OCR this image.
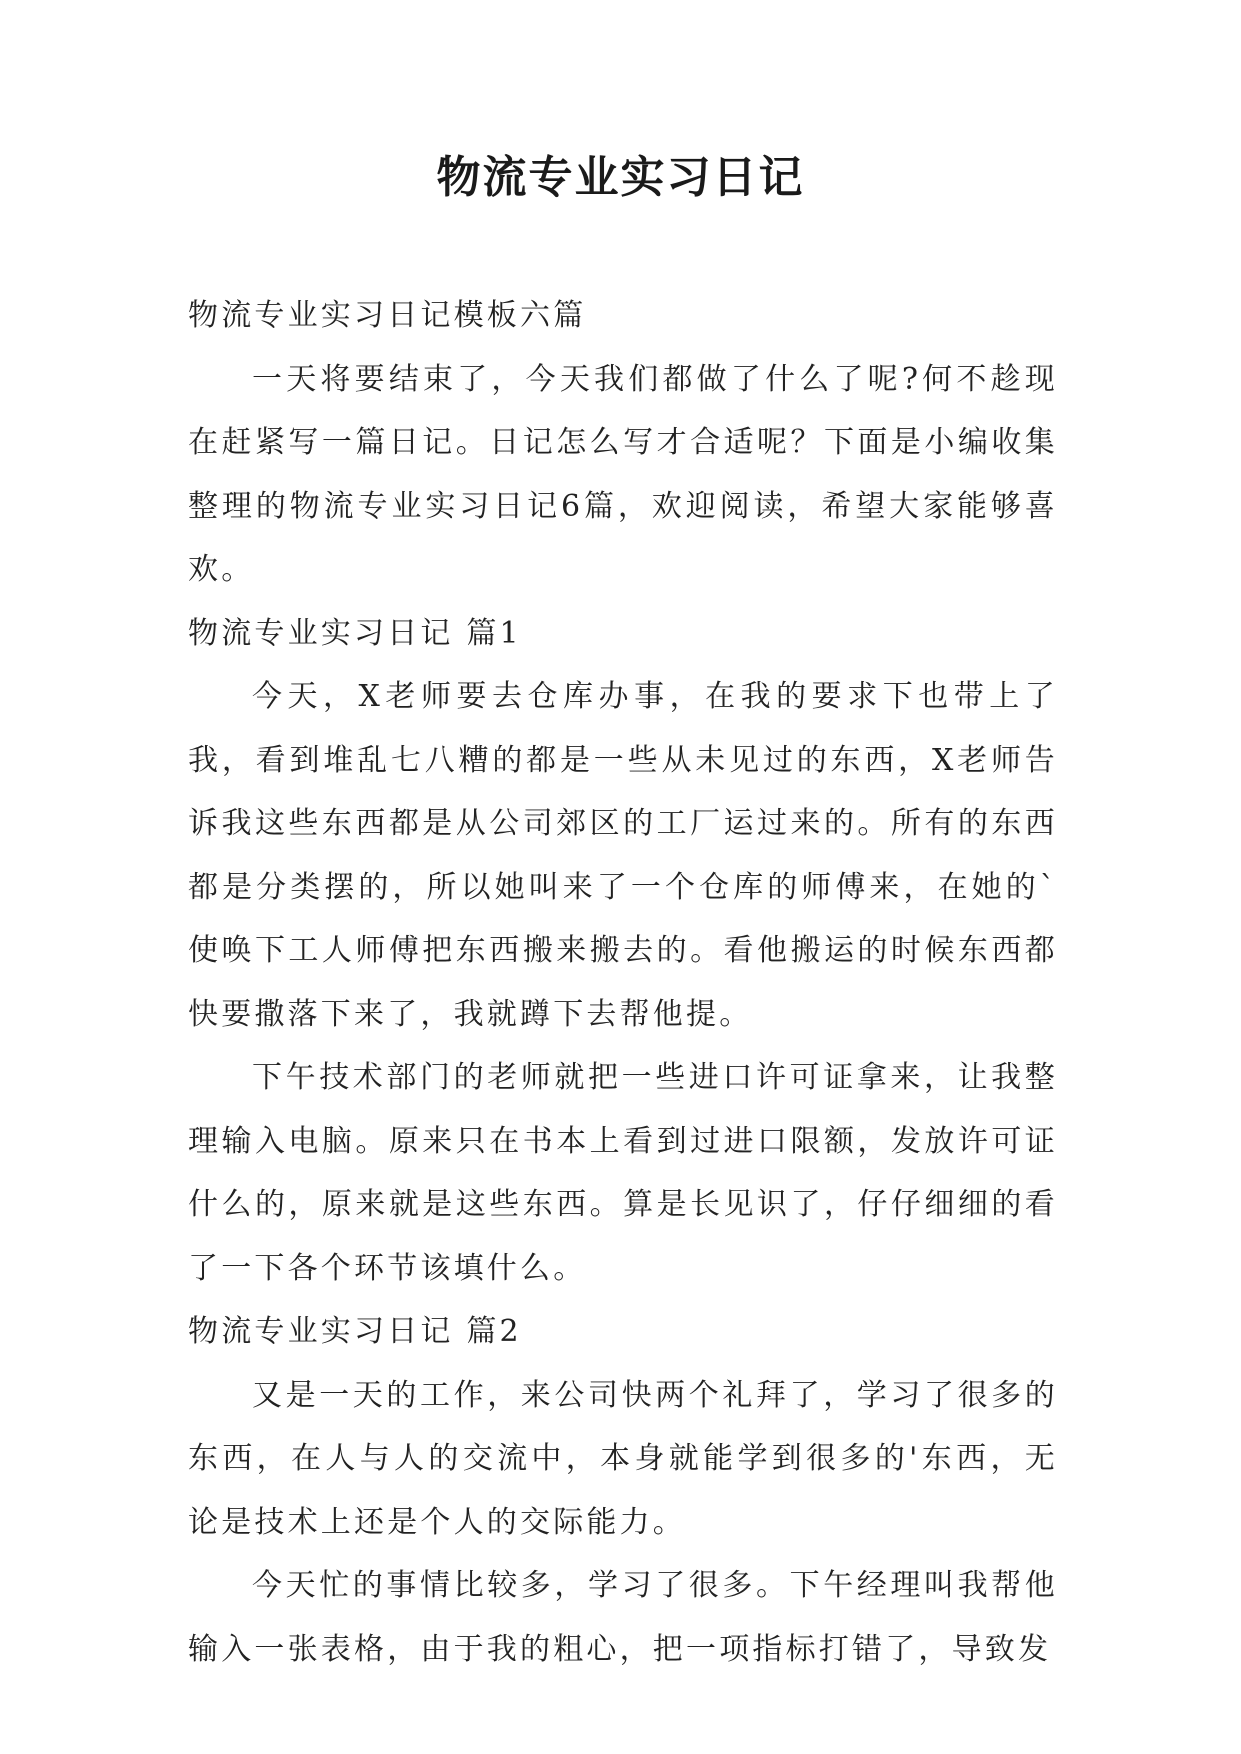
物流专业实习日记

物流专业实习日记模板六篇

一天将要结束了，今天我们都做了什么了呢?何不趁现在赶紧写一篇日记。日记怎么写才合适呢？下面是小编收集整理的物流专业实习日记6篇，欢迎阅读，希望大家能够喜欢。

物流专业实习日记 篇1

今天，X老师要去仓库办事，在我的要求下也带上了我，看到堆乱七八糟的都是一些从未见过的东西，X老师告诉我这些东西都是从公司郊区的工厂运过来的。所有的东西都是分类摆的，所以她叫来了一个仓库的师傅来，在她的`使唤下工人师傅把东西搬来搬去的。看他搬运的时候东西都快要撒落下来了，我就蹲下去帮他提。

下午技术部门的老师就把一些进口许可证拿来，让我整理输入电脑。原来只在书本上看到过进口限额，发放许可证什么的，原来就是这些东西。算是长见识了，仔仔细细的看了一下各个环节该填什么。

物流专业实习日记 篇2

又是一天的工作，来公司快两个礼拜了，学习了很多的东西，在人与人的交流中，本身就能学到很多的'东西，无论是技术上还是个人的交际能力。

今天忙的事情比较多，学习了很多。下午经理叫我帮他输入一张表格，由于我的粗心，把一项指标打错了，导致发
